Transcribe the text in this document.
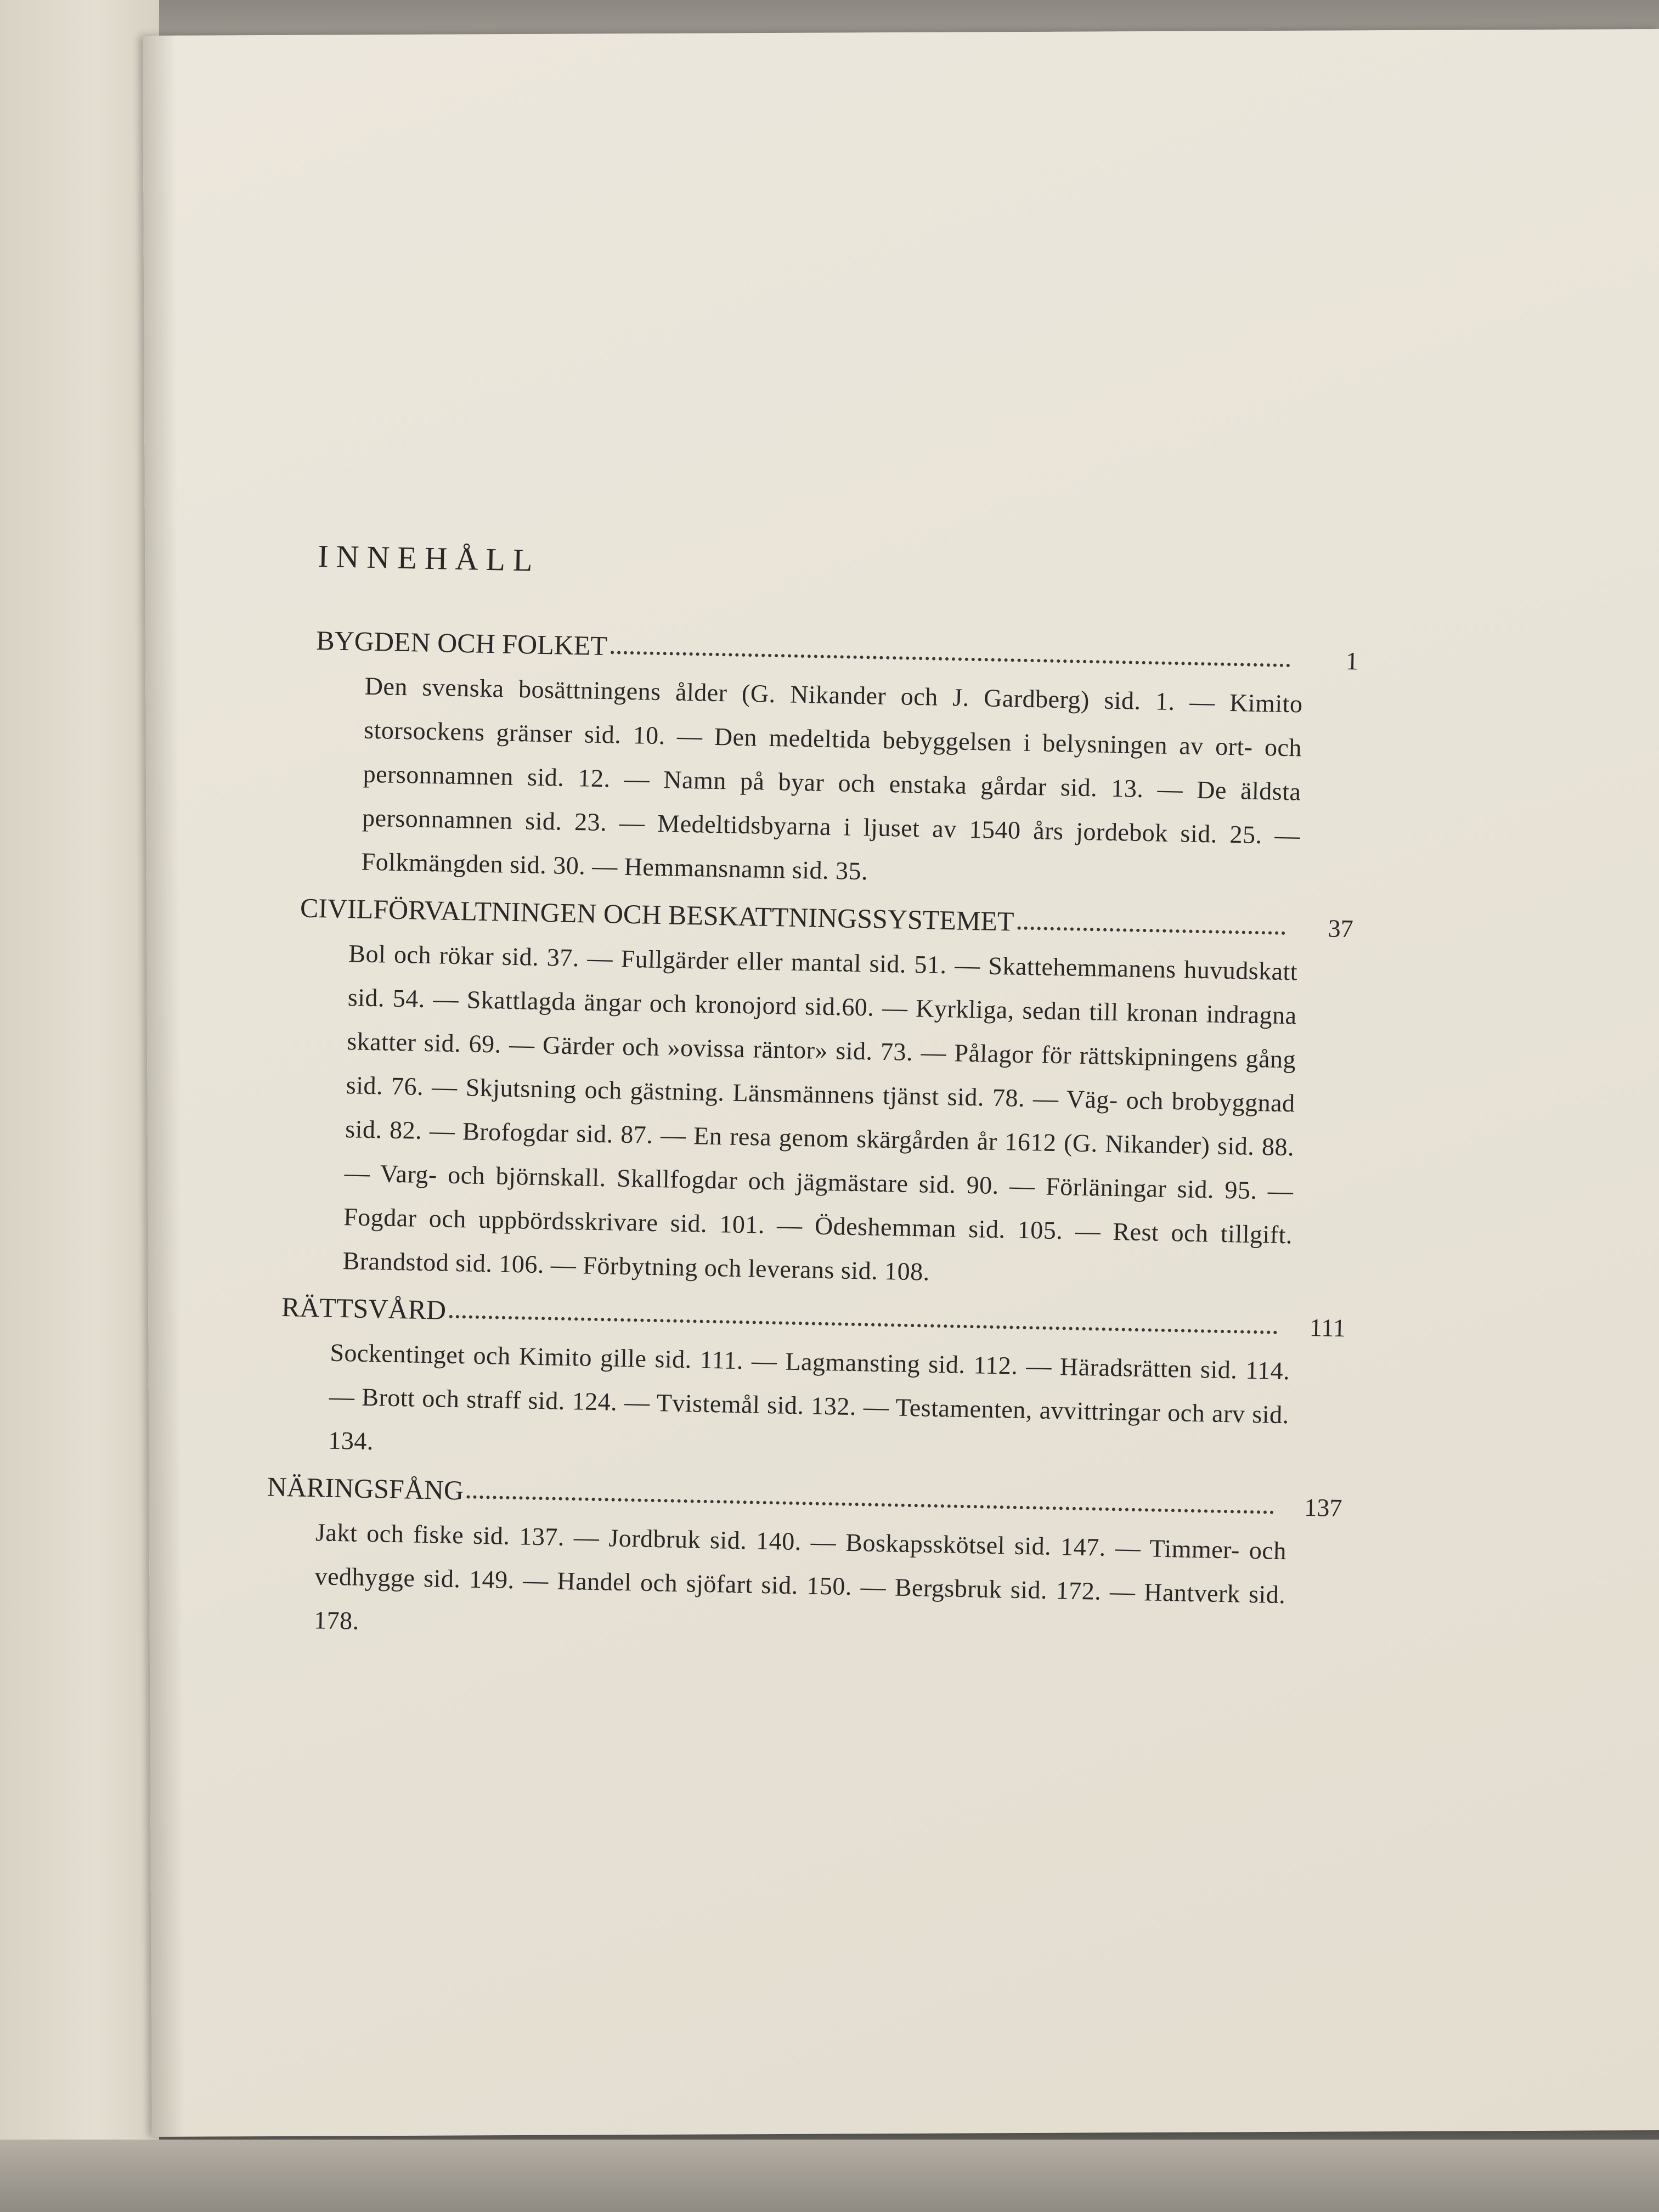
INNEHÅLL
BYGDEN OCH FOLKET	1
Den svenska bosättningens ålder (G. Nikander och J. Gardberg) sid. 1. — Kimito storsockens gränser sid. 10. — Den medeltida bebyggelsen i belysningen av ort- och personnamnen sid. 12. — Namn på byar och enstaka gårdar sid. 13. — De äldsta personnamnen sid. 23. — Medeltidsbyarna i ljuset av 1540 års jordebok sid. 25. — Folkmängden sid. 30. — Hemmansnamn sid. 35.
CIVILFÖRVALTNINGEN OCH BESKATTNINGSSYSTEMET	37
Bol och rökar sid. 37. — Fullgärder eller mantal sid. 51. — Skattehemmanens huvudskatt sid. 54. — Skattlagda ängar och kronojord sid.60. — Kyrkliga, sedan till kronan indragna skatter sid. 69. — Gärder och »ovissa räntor» sid. 73. — Pålagor för rättskipningens gång sid. 76. — Skjutsning och gästning. Länsmännens tjänst sid. 78. — Väg- och brobyggnad sid. 82. — Brofogdar sid. 87. — En resa genom skärgården år 1612 (G. Nikander) sid. 88. — Varg- och björnskall. Skallfogdar och jägmästare sid. 90. — Förläningar sid. 95. — Fogdar och uppbördsskrivare sid. 101. — Ödeshemman sid. 105. — Rest och tillgift. Brandstod sid. 106. — Förbytning och leverans sid. 108.
RÄTTSVÅRD
111
Sockentinget och Kimito gille sid. 111. — Lagmansting sid. 112. — Häradsrätten sid. 114. — Brott och straff sid. 124. — Tvistemål sid. 132. — Testamenten, avvittringar och arv sid. 134.
NÄRINGSFÅNG
137
Jakt och fiske sid. 137. — Jordbruk sid. 140. — Boskapsskötsel sid. 147. — Timmer- och vedhygge sid. 149. — Handel och sjöfart sid. 150. — Bergsbruk sid. 172. — Hantverk sid. 178.
